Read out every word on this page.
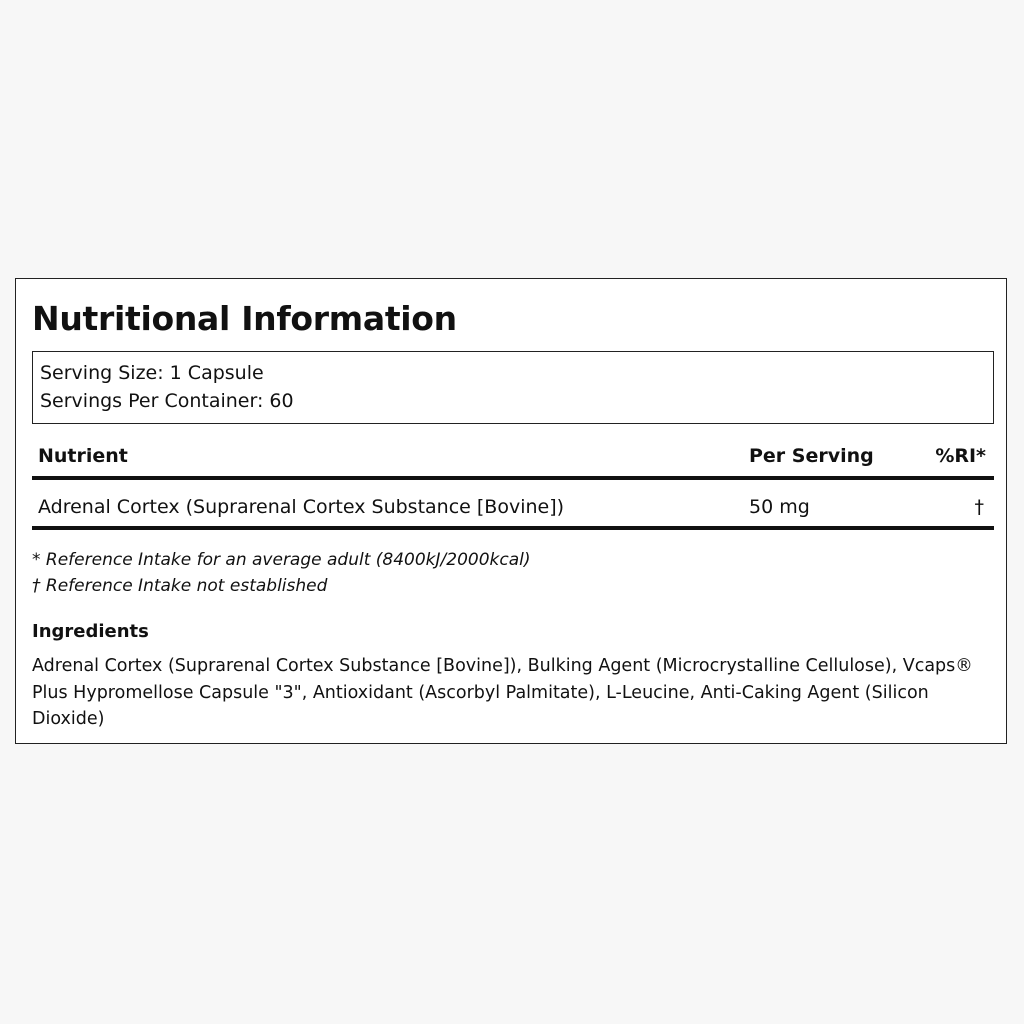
Nutritional Information
Serving Size: 1 Capsule
Servings Per Container: 60
Nutrient	Per Serving	%RI*
Adrenal Cortex (Suprarenal Cortex Substance [Bovine])	50 mg	†
* Reference Intake for an average adult (8400kJ/2000kcal)
† Reference Intake not established
Ingredients
Adrenal Cortex (Suprarenal Cortex Substance [Bovine]), Bulking Agent (Microcrystalline Cellulose), Vcaps® Plus Hypromellose Capsule "3", Antioxidant (Ascorbyl Palmitate), L-Leucine, Anti-Caking Agent (Silicon Dioxide)
